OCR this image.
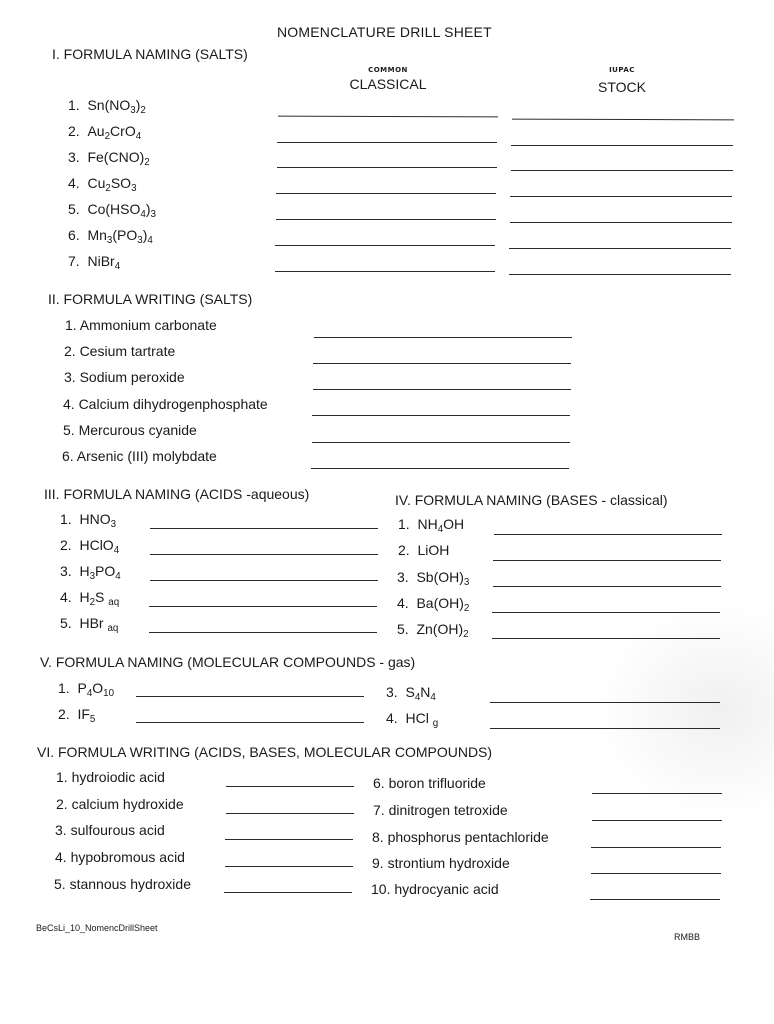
NOMENCLATURE DRILL SHEET
I. FORMULA NAMING (SALTS)
COMMON
CLASSICAL
IUPAC
STOCK
1.  $Sn(NO_3)_2$
2.  $Au_2CrO_4$
3.  $Fe(CNO)_2$
4.  $Cu_2SO_3$
5.  $Co(HSO_4)_3$
6.  $Mn_3(PO_3)_4$
7.  NiBr$_4$
II. FORMULA WRITING (SALTS)
1. Ammonium carbonate
2. Cesium tartrate
3. Sodium peroxide
4. Calcium dihydrogenphosphate
5. Mercurous cyanide
6. Arsenic (III) molybdate
III. FORMULA NAMING (ACIDS -aqueous)
1.  $HNO_3$
2.  HClO$_4$
3.  $H_3PO_4$
4.  $H_2S$ $_{aq}$
5.  HBr $_{aq}$
IV. FORMULA NAMING (BASES - classical)
1.  $NH_4OH$
2.  LiOH
3.  $Sb(OH)_3$
4.  $Ba(OH)_2$
5.  $Zn(OH)_2$
V. FORMULA NAMING (MOLECULAR COMPOUNDS - gas)
1.  $P_4O_{10}$
2.  $IF_5$
3.  $S_4N_4$
4.  HCl $_g$
VI. FORMULA WRITING (ACIDS, BASES, MOLECULAR COMPOUNDS)
1. hydroiodic acid
2. calcium hydroxide
3. sulfourous acid
4. hypobromous acid
5. stannous hydroxide
6. boron trifluoride
7. dinitrogen tetroxide
8. phosphorus pentachloride
9. strontium hydroxide
10. hydrocyanic acid
BeCsLi_10_NomencDrillSheet
RMBB
